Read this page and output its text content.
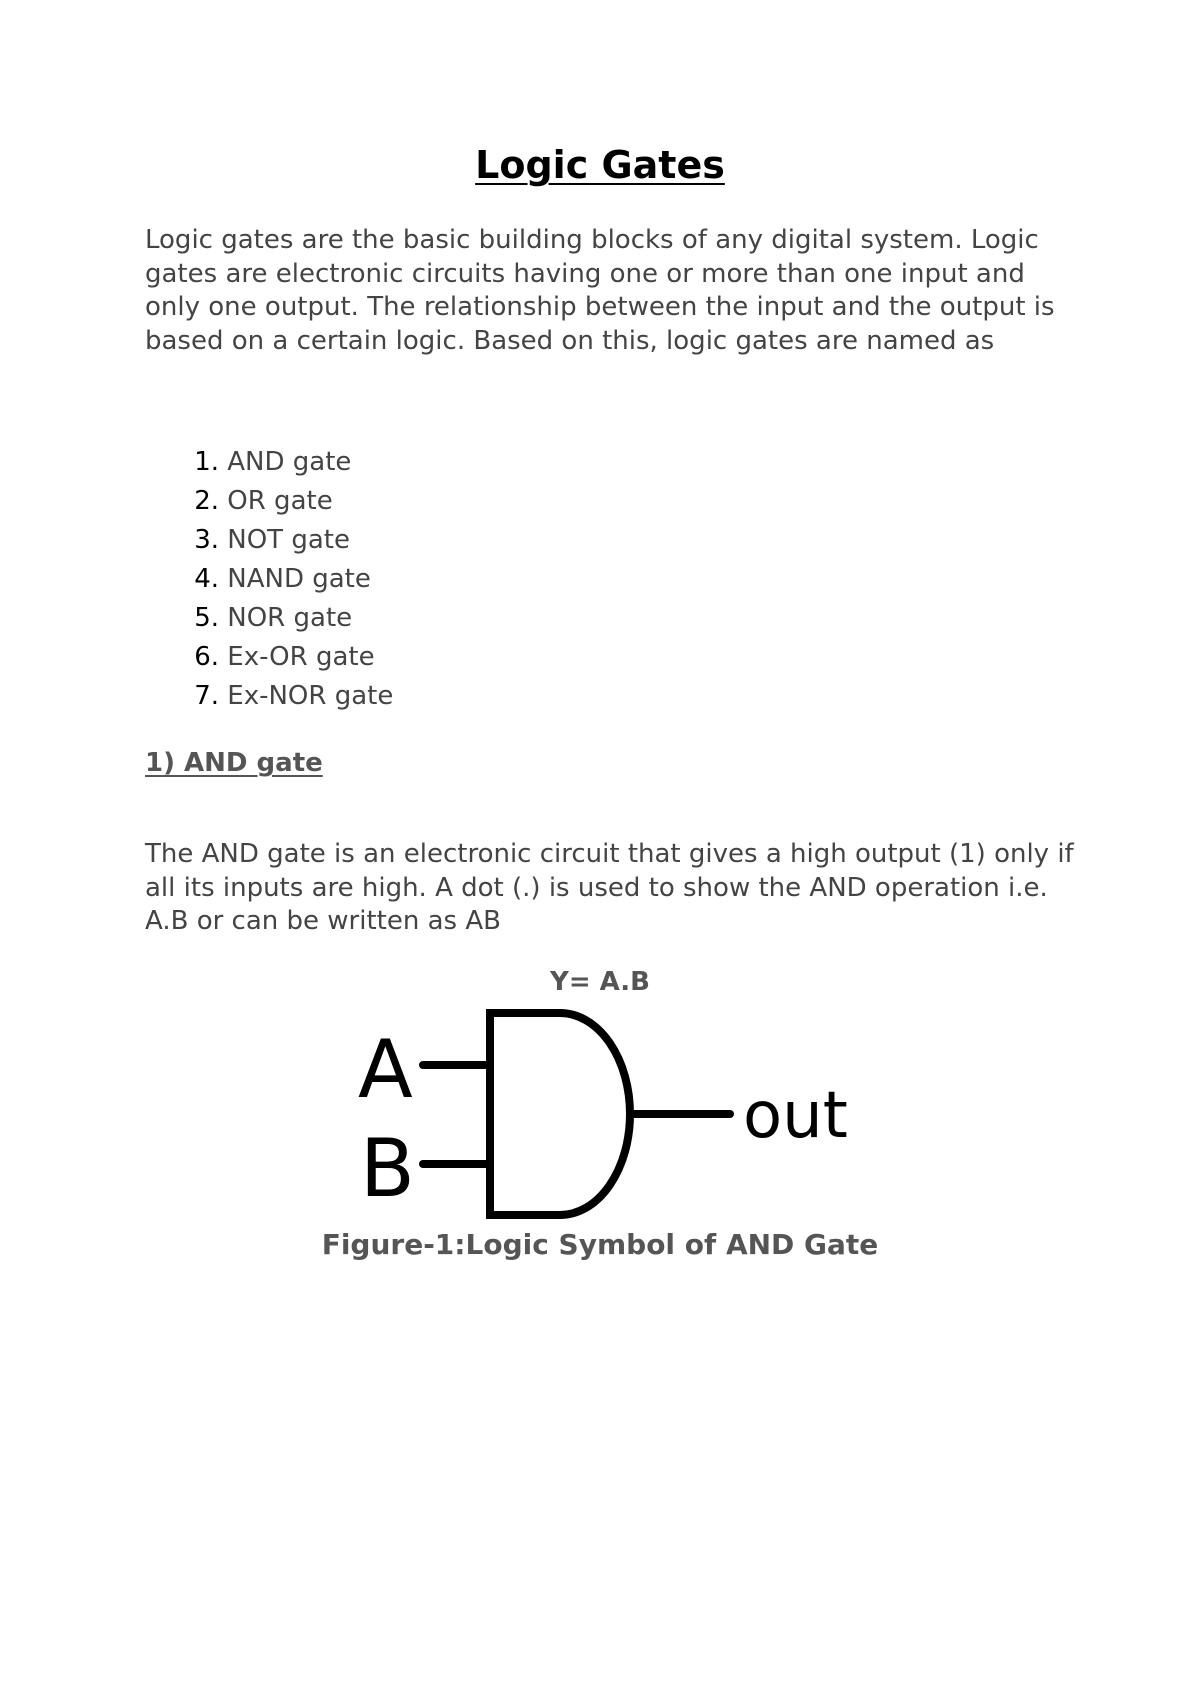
Logic Gates

Logic gates are the basic building blocks of any digital system. Logic gates are electronic circuits having one or more than one input and only one output. The relationship between the input and the output is based on a certain logic. Based on this, logic gates are named as

1. AND gate
2. OR gate
3. NOT gate
4. NAND gate
5. NOR gate
6. Ex-OR gate
7. Ex-NOR gate
1) AND gate

The AND gate is an electronic circuit that gives a high output (1) only if all its inputs are high. A dot (.) is used to show the AND operation i.e. A.B or can be written as AB

Y= A.B
A
B
out

Figure-1:Logic Symbol of AND Gate
